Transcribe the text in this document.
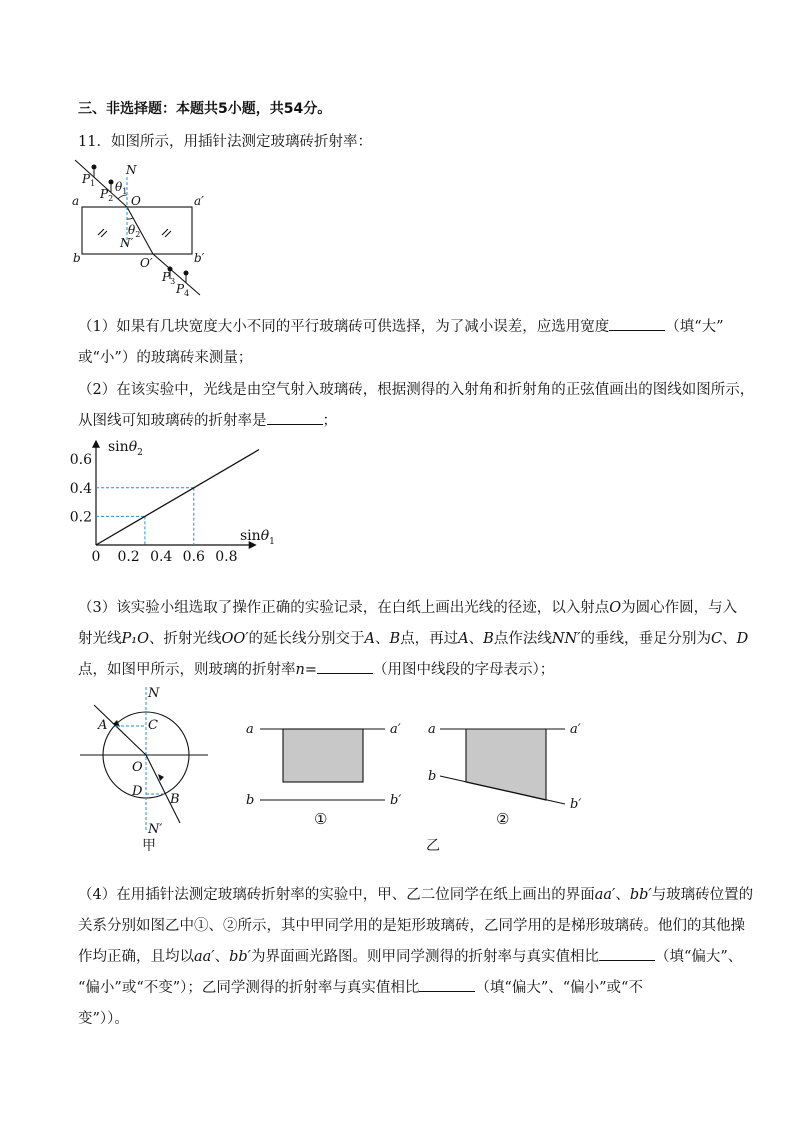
三、非选择题：本题共5小题，共54分。
11．如图所示，用插针法测定玻璃砖折射率：
N
O
N′
O′
a	a′
b	b′
$P_1$
$P_2$
$P_3$
$P_4$
$\theta_1$
$\theta_2$
（1）如果有几块宽度大小不同的平行玻璃砖可供选择，为了减小误差，应选用宽度	（填“大”
或“小”）的玻璃砖来测量；
（2）在该实验中，光线是由空气射入玻璃砖，根据测得的入射角和折射角的正弦值画出的图线如图所示，
从图线可知玻璃砖的折射率是	；
0 0.2 0.4 0.6 0.8
0.2
0.4
0.6
sinθ$_2$
sinθ$_1$
（3）该实验小组选取了操作正确的实验记录，在白纸上画出光线的径迹，以入射点O为圆心作圆，与入
射光线P₁O、折射光线OO′的延长线分别交于A、B点，再过A、B点作法线NN′的垂线，垂足分别为C、D
点，如图甲所示，则玻璃的折射率n=	（用图中线段的字母表示）；
N
A	C
O
D
B
N′
甲
a	a′
b	b′
a	a′
b
b′
①	②
乙
（4）在用插针法测定玻璃砖折射率的实验中，甲、乙二位同学在纸上画出的界面aa′、bb′与玻璃砖位置的
关系分别如图乙中①、②所示，其中甲同学用的是矩形玻璃砖，乙同学用的是梯形玻璃砖。他们的其他操
作均正确，且均以aa′、bb′为界面画光路图。则甲同学测得的折射率与真实值相比	（填“偏大”、
“偏小”或“不变”）；乙同学测得的折射率与真实值相比	（填“偏大”、“偏小”或“不
变”））。
